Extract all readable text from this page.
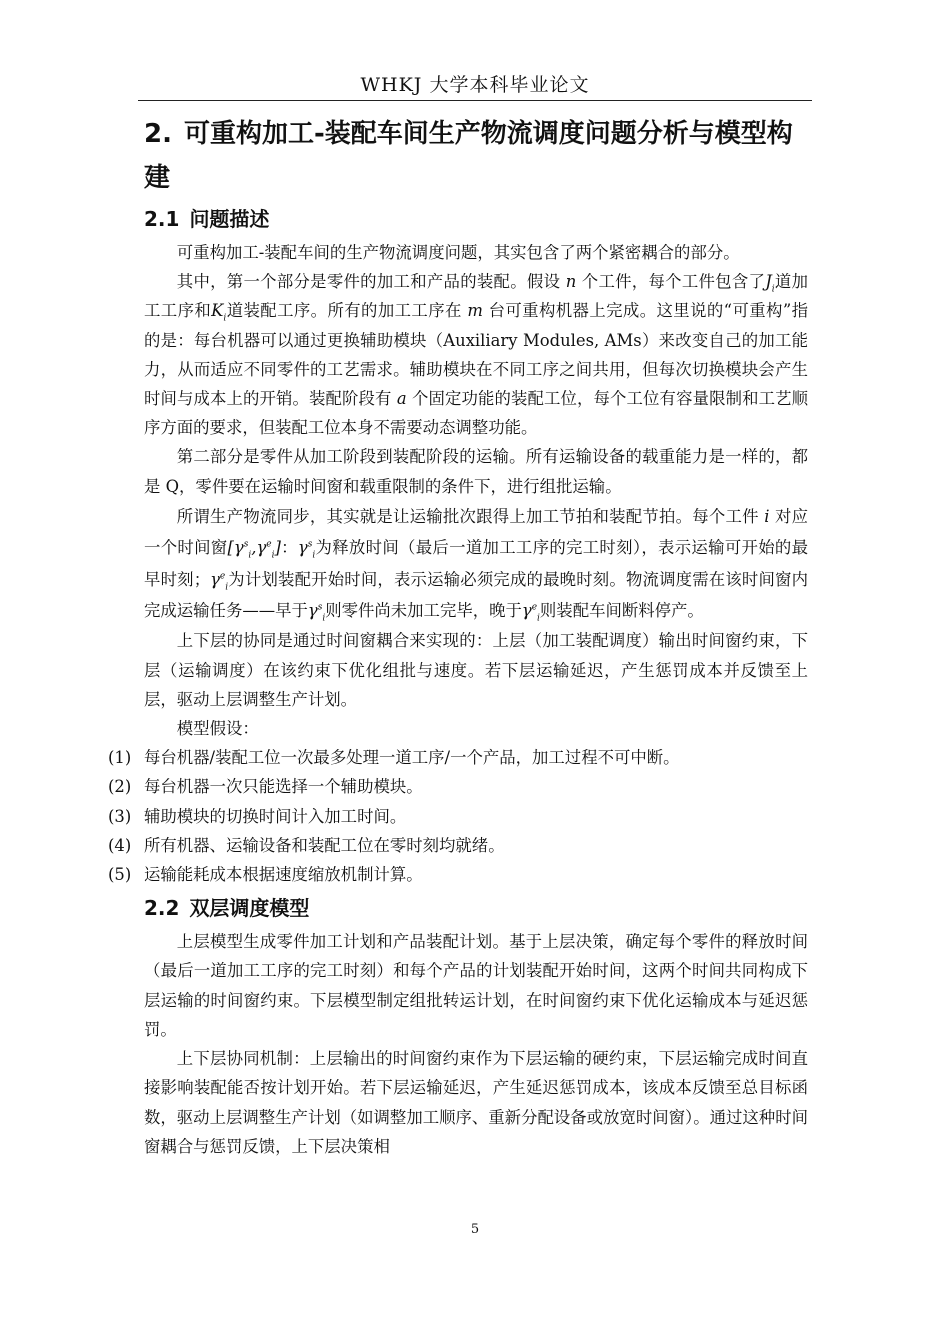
WHKJ 大学本科毕业论文
2. 可重构加工-装配车间生产物流调度问题分析与模型构建
2.1 问题描述

可重构加工-装配车间的生产物流调度问题，其实包含了两个紧密耦合的部分。

其中，第一个部分是零件的加工和产品的装配。假设 n 个工件，每个工件包含了$J_i$道加工工序和$K_i$道装配工序。所有的加工工序在 m 台可重构机器上完成。这里说的“可重构”指的是：每台机器可以通过更换辅助模块（Auxiliary Modules, AMs）来改变自己的加工能力，从而适应不同零件的工艺需求。辅助模块在不同工序之间共用，但每次切换模块会产生时间与成本上的开销。装配阶段有 a 个固定功能的装配工位，每个工位有容量限制和工艺顺序方面的要求，但装配工位本身不需要动态调整功能。

第二部分是零件从加工阶段到装配阶段的运输。所有运输设备的载重能力是一样的，都是 Q，零件要在运输时间窗和载重限制的条件下，进行组批运输。

所谓生产物流同步，其实就是让运输批次跟得上加工节拍和装配节拍。每个工件 i 对应一个时间窗$[\gamma^s_i,\gamma^e_i]$：$\gamma^s_i$为释放时间（最后一道加工工序的完工时刻），表示运输可开始的最早时刻；$\gamma^e_i$为计划装配开始时间，表示运输必须完成的最晚时刻。物流调度需在该时间窗内完成运输任务——早于$\gamma^s_i$则零件尚未加工完毕，晚于$\gamma^e_i$则装配车间断料停产。

上下层的协同是通过时间窗耦合来实现的：上层（加工装配调度）输出时间窗约束，下层（运输调度）在该约束下优化组批与速度。若下层运输延迟，产生惩罚成本并反馈至上层，驱动上层调整生产计划。

模型假设：

(1) 每台机器/装配工位一次最多处理一道工序/一个产品，加工过程不可中断。
(2) 每台机器一次只能选择一个辅助模块。
(3) 辅助模块的切换时间计入加工时间。
(4) 所有机器、运输设备和装配工位在零时刻均就绪。
(5) 运输能耗成本根据速度缩放机制计算。
2.2 双层调度模型

上层模型生成零件加工计划和产品装配计划。基于上层决策，确定每个零件的释放时间（最后一道加工工序的完工时刻）和每个产品的计划装配开始时间，这两个时间共同构成下层运输的时间窗约束。下层模型制定组批转运计划，在时间窗约束下优化运输成本与延迟惩罚。

上下层协同机制：上层输出的时间窗约束作为下层运输的硬约束，下层运输完成时间直接影响装配能否按计划开始。若下层运输延迟，产生延迟惩罚成本，该成本反馈至总目标函数，驱动上层调整生产计划（如调整加工顺序、重新分配设备或放宽时间窗）。通过这种时间窗耦合与惩罚反馈，上下层决策相

5
